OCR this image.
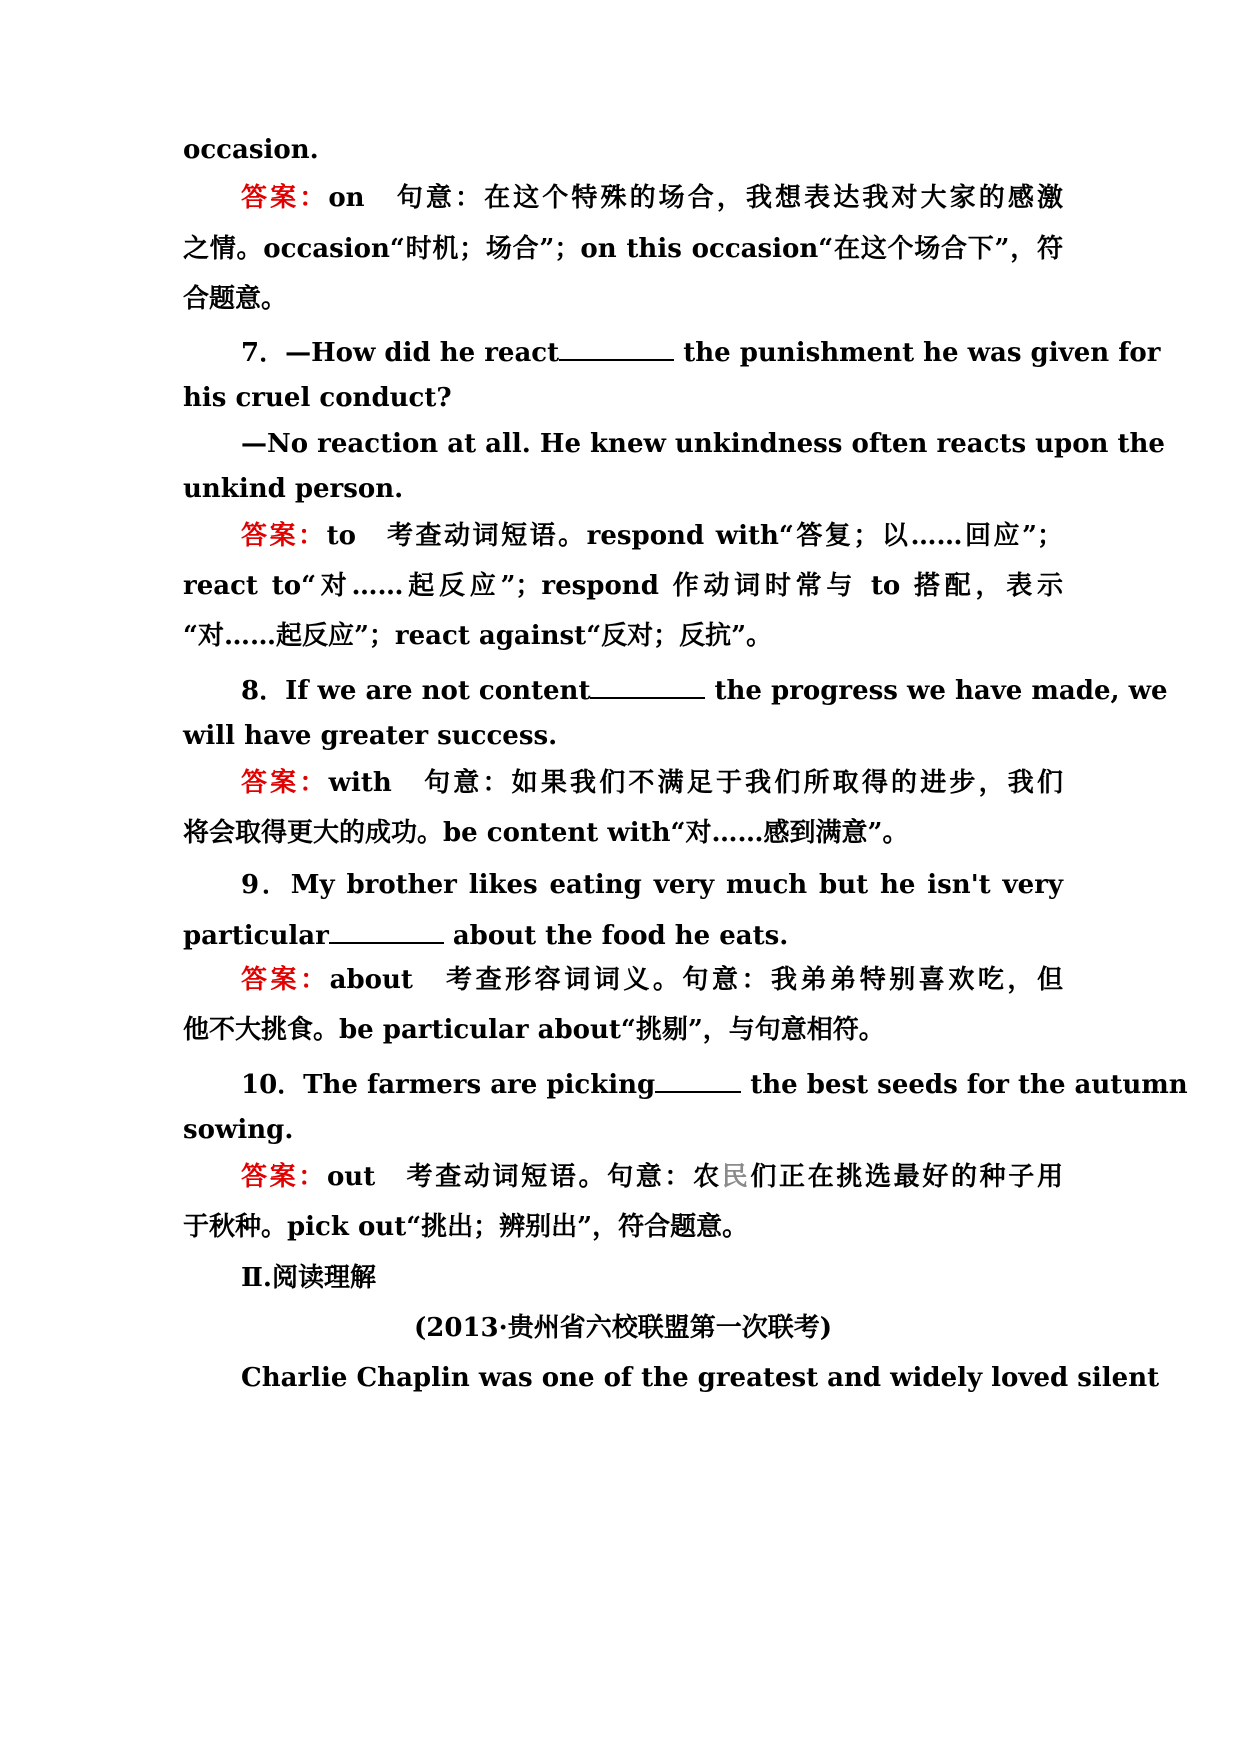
occasion.
答案：on　句意：在这个特殊的场合，我想表达我对大家的感激
之情。occasion“时机；场合”；on this occasion“在这个场合下”，符
合题意。
7．—How did he react	the punishment he was given for
his cruel conduct?
—No reaction at all. He knew unkindness often reacts upon the
unkind person.
答案：to　考查动词短语。respond with“答复；以……回应”；
react to“对……起反应”；respond 作动词时常与 to 搭配，表示
“对……起反应”；react against“反对；反抗”。
8．If we are not content	the progress we have made, we
will have greater success.
答案：with　句意：如果我们不满足于我们所取得的进步，我们
将会取得更大的成功。be content with“对……感到满意”。
9．My brother likes eating very much but he isn't very
particular	about the food he eats.
答案：about　考查形容词词义。句意：我弟弟特别喜欢吃，但
他不大挑食。be particular about“挑剔”，与句意相符。
10．The farmers are picking	the best seeds for the autumn
sowing.
答案：out　考查动词短语。句意：农民们正在挑选最好的种子用
于秋种。pick out“挑出；辨别出”，符合题意。
Ⅱ.阅读理解
(2013·贵州省六校联盟第一次联考)
Charlie Chaplin was one of the greatest and widely loved silent
